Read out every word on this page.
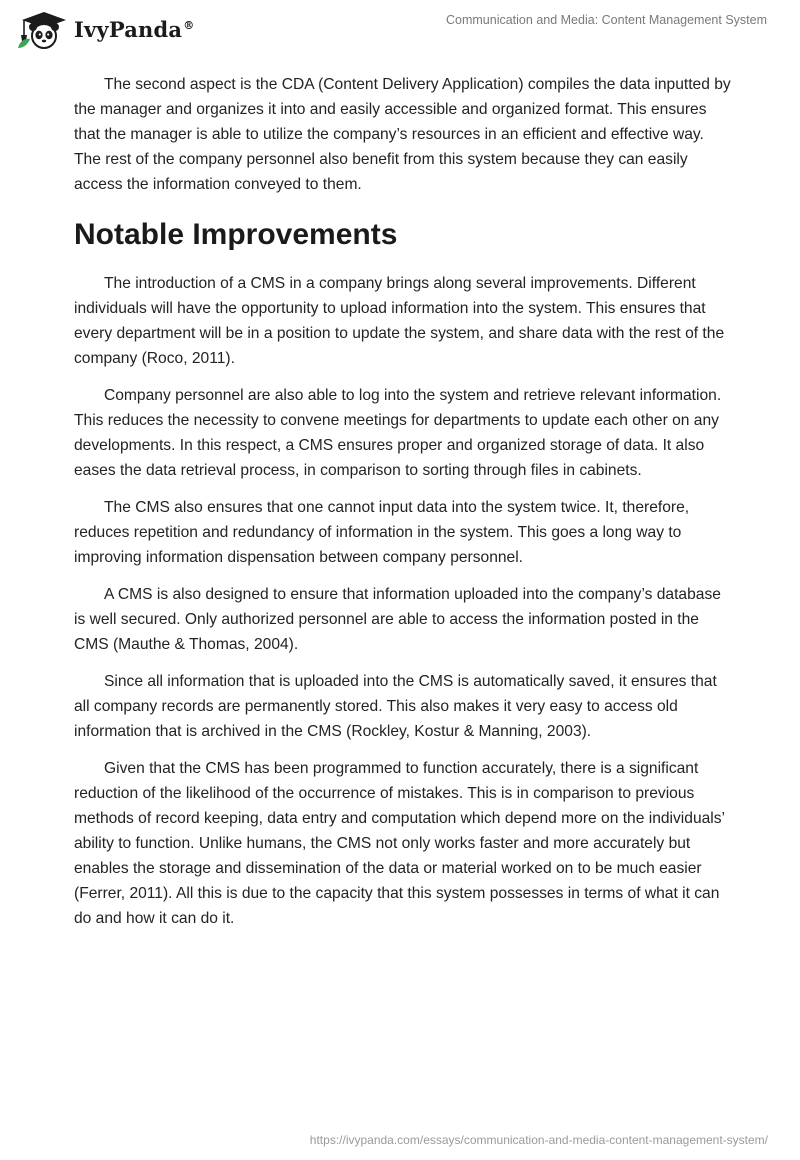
IvyPanda®	Communication and Media: Content Management System

The second aspect is the CDA (Content Delivery Application) compiles the data inputted by the manager and organizes it into and easily accessible and organized format. This ensures that the manager is able to utilize the company’s resources in an efficient and effective way. The rest of the company personnel also benefit from this system because they can easily access the information conveyed to them.

Notable Improvements

The introduction of a CMS in a company brings along several improvements. Different individuals will have the opportunity to upload information into the system. This ensures that every department will be in a position to update the system, and share data with the rest of the company (Roco, 2011).

Company personnel are also able to log into the system and retrieve relevant information. This reduces the necessity to convene meetings for departments to update each other on any developments. In this respect, a CMS ensures proper and organized storage of data. It also eases the data retrieval process, in comparison to sorting through files in cabinets.

The CMS also ensures that one cannot input data into the system twice. It, therefore, reduces repetition and redundancy of information in the system. This goes a long way to improving information dispensation between company personnel.

A CMS is also designed to ensure that information uploaded into the company’s database is well secured. Only authorized personnel are able to access the information posted in the CMS (Mauthe & Thomas, 2004).

Since all information that is uploaded into the CMS is automatically saved, it ensures that all company records are permanently stored. This also makes it very easy to access old information that is archived in the CMS (Rockley, Kostur & Manning, 2003).

Given that the CMS has been programmed to function accurately, there is a significant reduction of the likelihood of the occurrence of mistakes. This is in comparison to previous methods of record keeping, data entry and computation which depend more on the individuals’ ability to function. Unlike humans, the CMS not only works faster and more accurately but enables the storage and dissemination of the data or material worked on to be much easier (Ferrer, 2011). All this is due to the capacity that this system possesses in terms of what it can do and how it can do it.

https://ivypanda.com/essays/communication-and-media-content-management-system/
